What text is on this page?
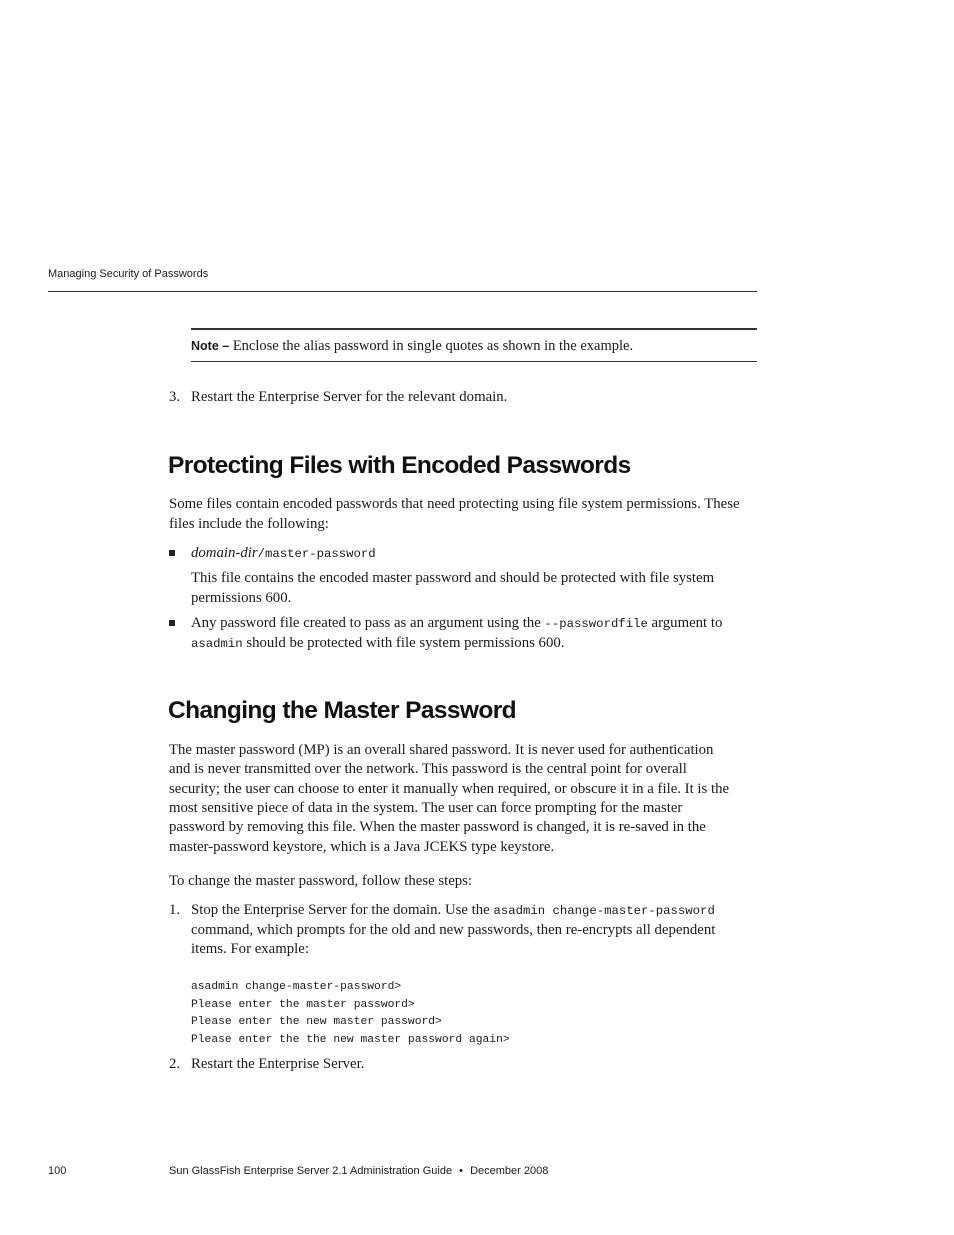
Managing Security of Passwords
Note – Enclose the alias password in single quotes as shown in the example.
3. Restart the Enterprise Server for the relevant domain.
Protecting Files with Encoded Passwords
Some files contain encoded passwords that need protecting using file system permissions. These
files include the following:
domain-dir/master-password
This file contains the encoded master password and should be protected with file system
permissions 600.
Any password file created to pass as an argument using the --passwordfile argument to
asadmin should be protected with file system permissions 600.
Changing the Master Password
The master password (MP) is an overall shared password. It is never used for authentication
and is never transmitted over the network. This password is the central point for overall
security; the user can choose to enter it manually when required, or obscure it in a file. It is the
most sensitive piece of data in the system. The user can force prompting for the master
password by removing this file. When the master password is changed, it is re-saved in the
master-password keystore, which is a Java JCEKS type keystore.
To change the master password, follow these steps:
1. Stop the Enterprise Server for the domain. Use the asadmin change-master-password
command, which prompts for the old and new passwords, then re-encrypts all dependent
items. For example:
asadmin change-master-password>
Please enter the master password>
Please enter the new master password>
Please enter the the new master password again>
2. Restart the Enterprise Server.
100	Sun GlassFish Enterprise Server 2.1 Administration Guide • December 2008
